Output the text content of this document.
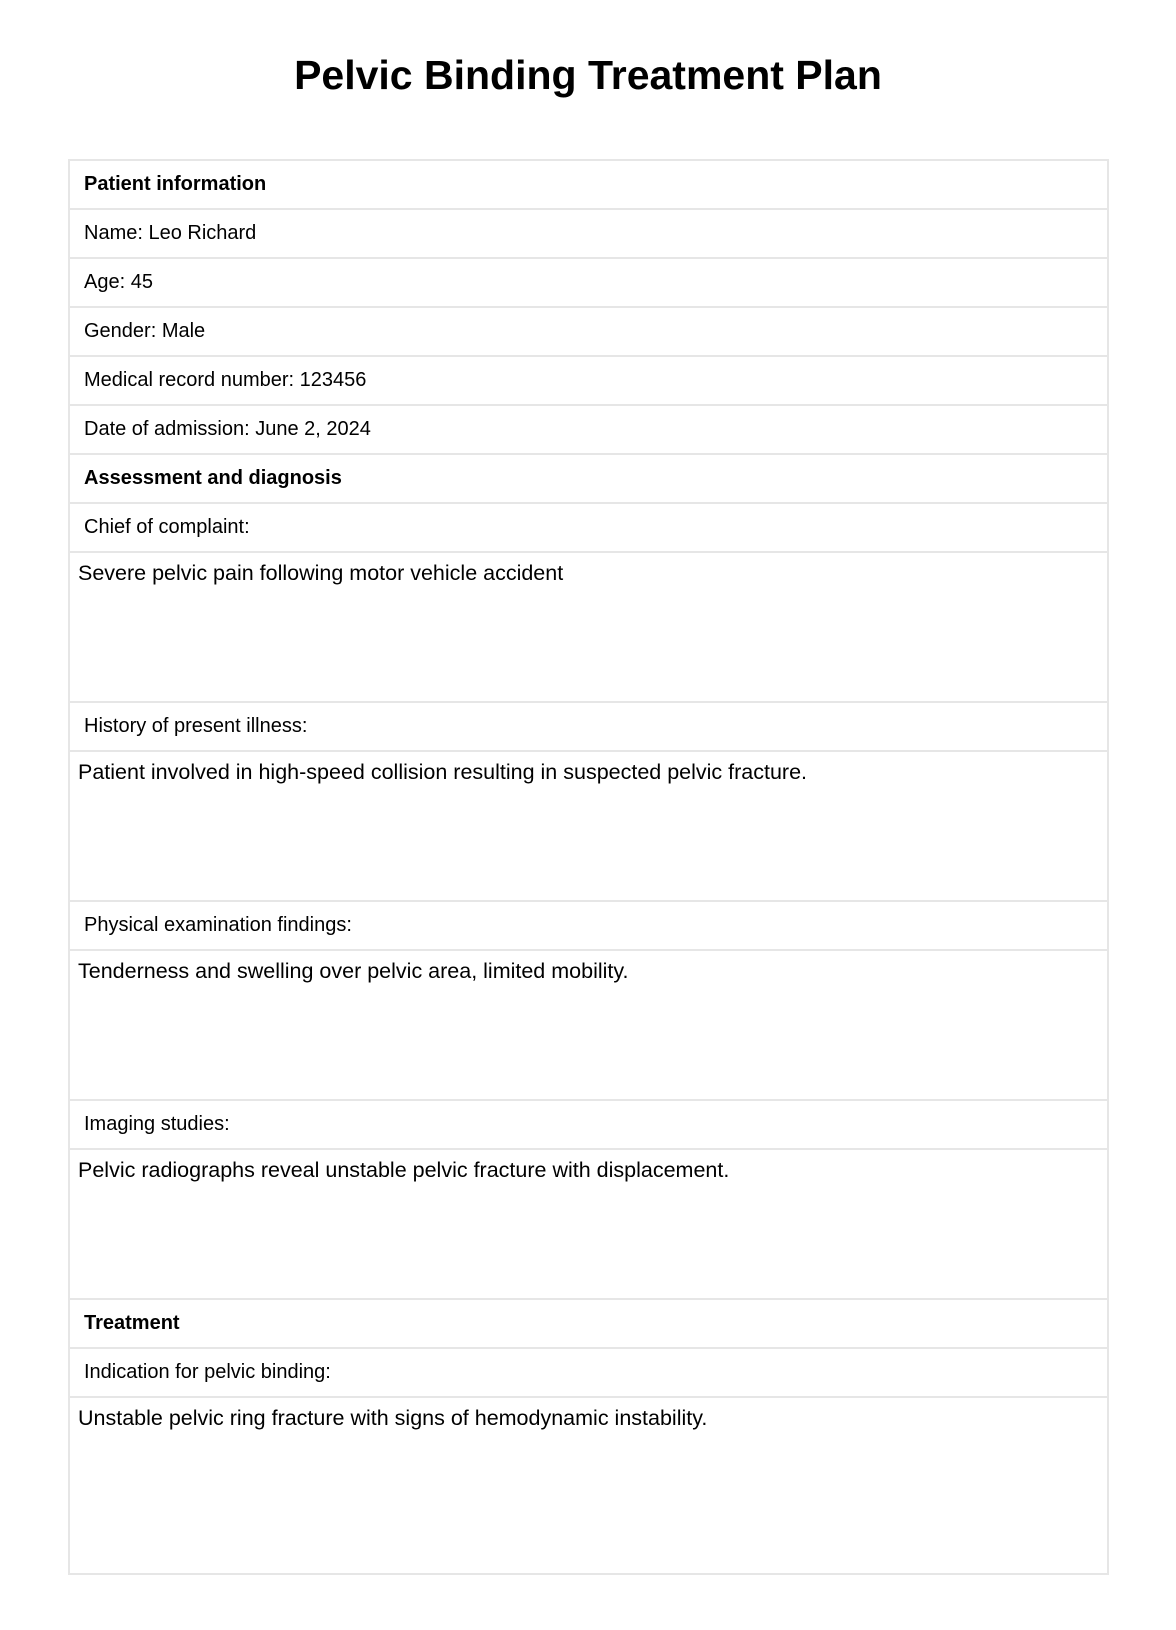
Pelvic Binding Treatment Plan
Patient information
Name: Leo Richard
Age: 45
Gender: Male
Medical record number: 123456
Date of admission: June 2, 2024
Assessment and diagnosis
Chief of complaint:
Severe pelvic pain following motor vehicle accident
History of present illness:
Patient involved in high-speed collision resulting in suspected pelvic fracture.
Physical examination findings:
Tenderness and swelling over pelvic area, limited mobility.
Imaging studies:
Pelvic radiographs reveal unstable pelvic fracture with displacement.
Treatment
Indication for pelvic binding:
Unstable pelvic ring fracture with signs of hemodynamic instability.
